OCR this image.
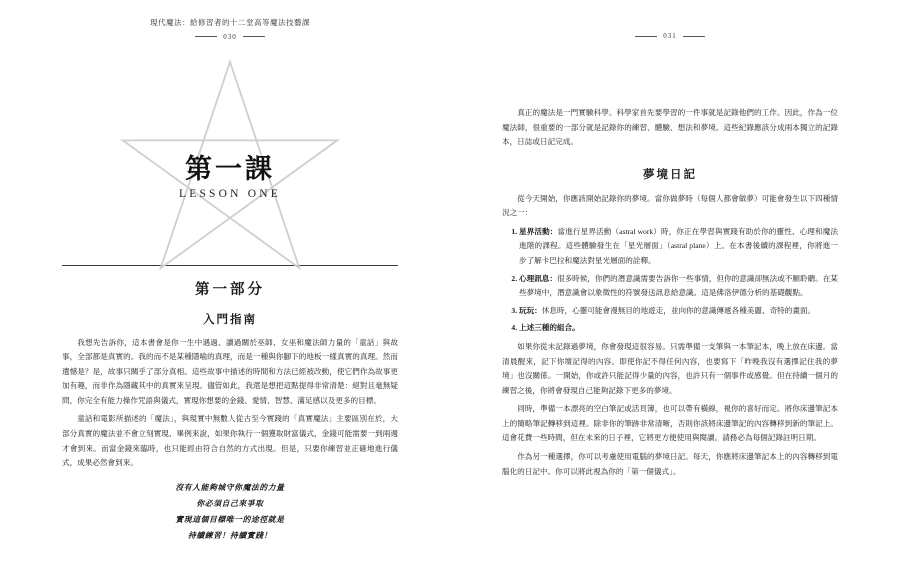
現代魔法：給修習者的十二堂高等魔法技藝課
030
第一課
LESSON ONE
第一部分
入門指南

我想先告訴你，這本書會是你一生中遇過、讀過關於巫師、女巫和魔法師力量的「童話」與故事，全部都是真實的。我的而不是某種隱喻的真理，而是一種與你腳下的地板一樣真實的真理。然而遺憾是？是，故事只關乎了部分真相。這些故事中描述的時間和方法已經被改動，使它們作為故事更加有趣，而非作為隱藏其中的真實來呈現。儘管如此，我還是想把這點提得非常清楚：絕對且毫無疑問，你完全有能力操作咒語與儀式，實現你想要的金錢、愛情、智慧、滿足感以及更多的目標。

童話和電影所描述的「魔法」，與現實中無數人從古至今實踐的「真實魔法」主要區別在於，大部分真實的魔法並不會立刻實現、畢例來說，如果你執行一個獲取財富儀式，金錢可能需要一到兩週才會到來。而當金錢來臨時，也只能經由符合自然的方式出現。但是，只要你練習並正確地進行儀式，成果必然會到來。

沒有人能夠城守你魔法的力量
你必須自己來爭取
實現這個目標唯一的途徑就是
持續練習！持續實踐！
031

真正的魔法是一門實驗科學。科學家首先要學習的一件事就是記錄他們的工作。因此，作為一位魔法師，很重要的一部分就是記錄你的練習、體驗、想法和夢境。這些紀錄應該分成兩本獨立的記錄本，日誌或日記完成。

夢境日記

從今天開始，你應該開始記錄你的夢境。當你做夢時（每個人都會做夢）可能會發生以下四種情況之一：

1. 星界活動：當進行星界活動（astral work）時，你正在學習與實踐有助於你的靈性、心理和魔法進階的課程。這些體驗發生在「星光層面」（astral plane）上。在本書後續的課程裡，你將進一步了解卡巴拉和魔法對星光層面的詮釋。
2. 心理訊息：很多時候，你們的潛意識需要告訴你一些事情，但你的意識卻無法或不願聆聽。在某些夢境中，潛意識會以象徵性的符號發送訊息給意識。這是佛洛伊德分析的基礎觀點。
3. 玩玩：休息時，心靈可能會漫無目的地遊走，並向你的意識傳遞各種美麗、奇特的畫面。
4. 上述三種的組合。

如果你從未記錄過夢境，你會發現這很容易。只需準備一支筆與一本筆記本，晚上放在床邊。當清晨醒來，記下你壇記得的內容。即使你記不得任何內容，也要寫下「昨晚我沒有選擇記住我的夢境」也沒關係。一開始，你或許只能記得少量的內容，也許只有一個事件或感覺。但在持續一個月的練習之後，你將會發現自己能夠記錄下更多的夢境。

同時，準備一本漂亮的空白筆記或活頁簿，也可以帶有橫線，視你的喜好而定。將你床邊筆記本上的簡略筆記轉移到這裡。除非你的筆跡非常清晰，否則你該將床邊筆記的內容轉移到新的筆記上。這會花費一些時間，但在未來的日子裡，它將更方便使用與閱讀。請務必為每個記錄註明日期。

作為另一種選擇，你可以考慮使用電腦的夢境日記。每天，你應將床邊筆記本上的內容轉移到電腦化的日記中。你可以將此視為你的「第一個儀式」。
